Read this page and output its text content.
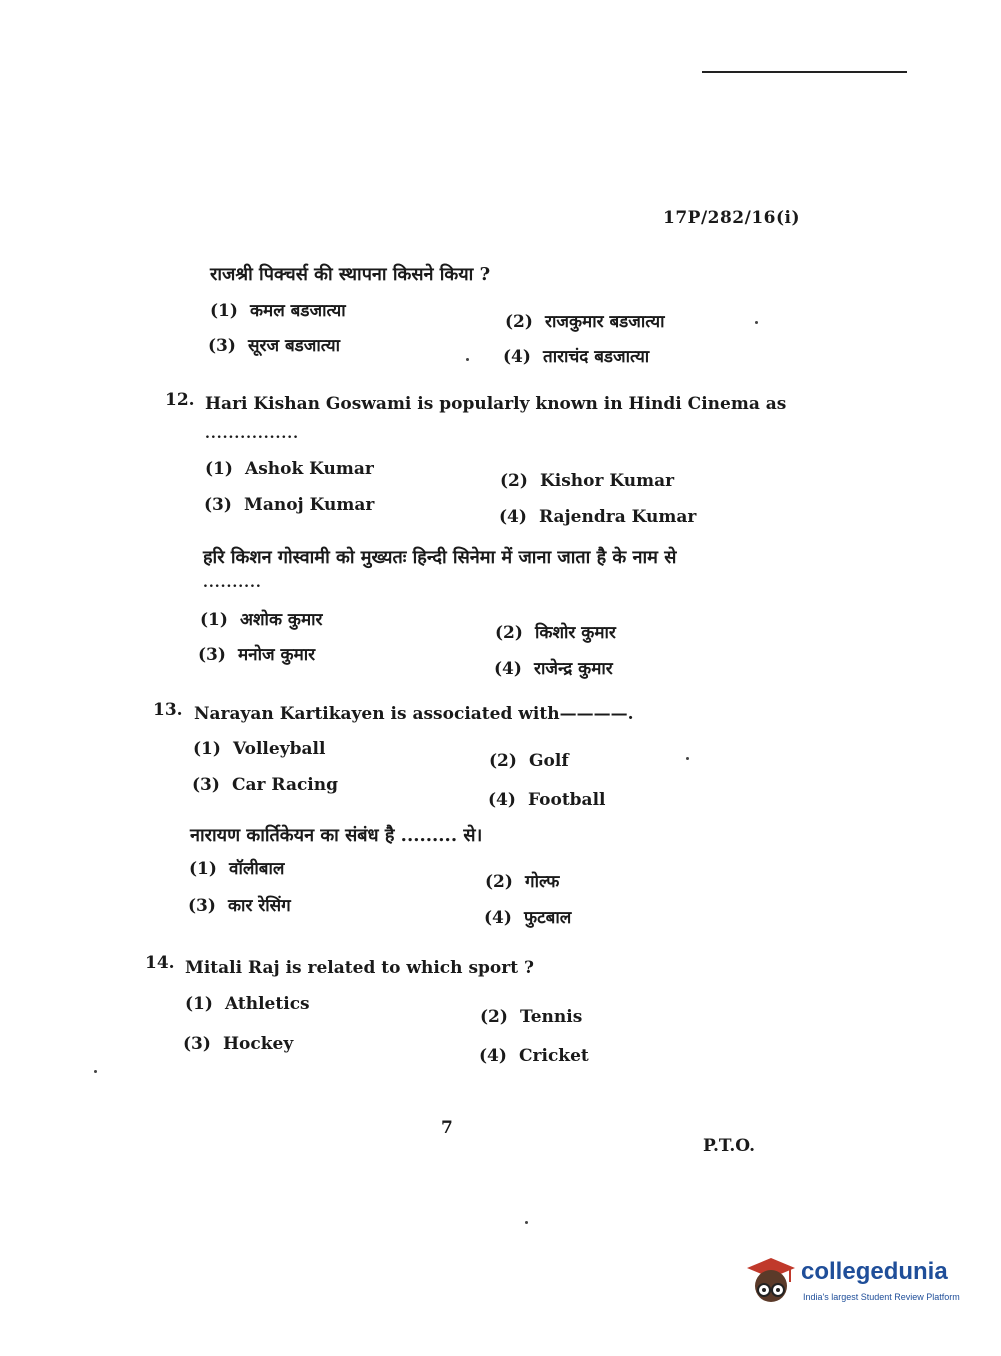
17P/282/16(i)
राजश्री पिक्चर्स की स्थापना किसने किया ?
(1) कमल बडजात्या
(2) राजकुमार बडजात्या
(3) सूरज बडजात्या
(4) ताराचंद बडजात्या
12. Hari Kishan Goswami is popularly known in Hindi Cinema as
................
(1) Ashok Kumar
(2) Kishor Kumar
(3) Manoj Kumar
(4) Rajendra Kumar
हरि किशन गोस्वामी को मुख्यतः हिन्दी सिनेमा में जाना जाता है के नाम से
..........
(1) अशोक कुमार
(2) किशोर कुमार
(3) मनोज कुमार
(4) राजेन्द्र कुमार
13. Narayan Kartikayen is associated with————.
(1) Volleyball
(2) Golf
(3) Car Racing
(4) Football
नारायण कार्तिकेयन का संबंध है ......... से।
(1) वॉलीबाल
(2) गोल्फ
(3) कार रेसिंग
(4) फुटबाल
14. Mitali Raj is related to which sport ?
(1) Athletics
(2) Tennis
(3) Hockey
(4) Cricket
7
P.T.O.
collegedunia
India's largest Student Review Platform
